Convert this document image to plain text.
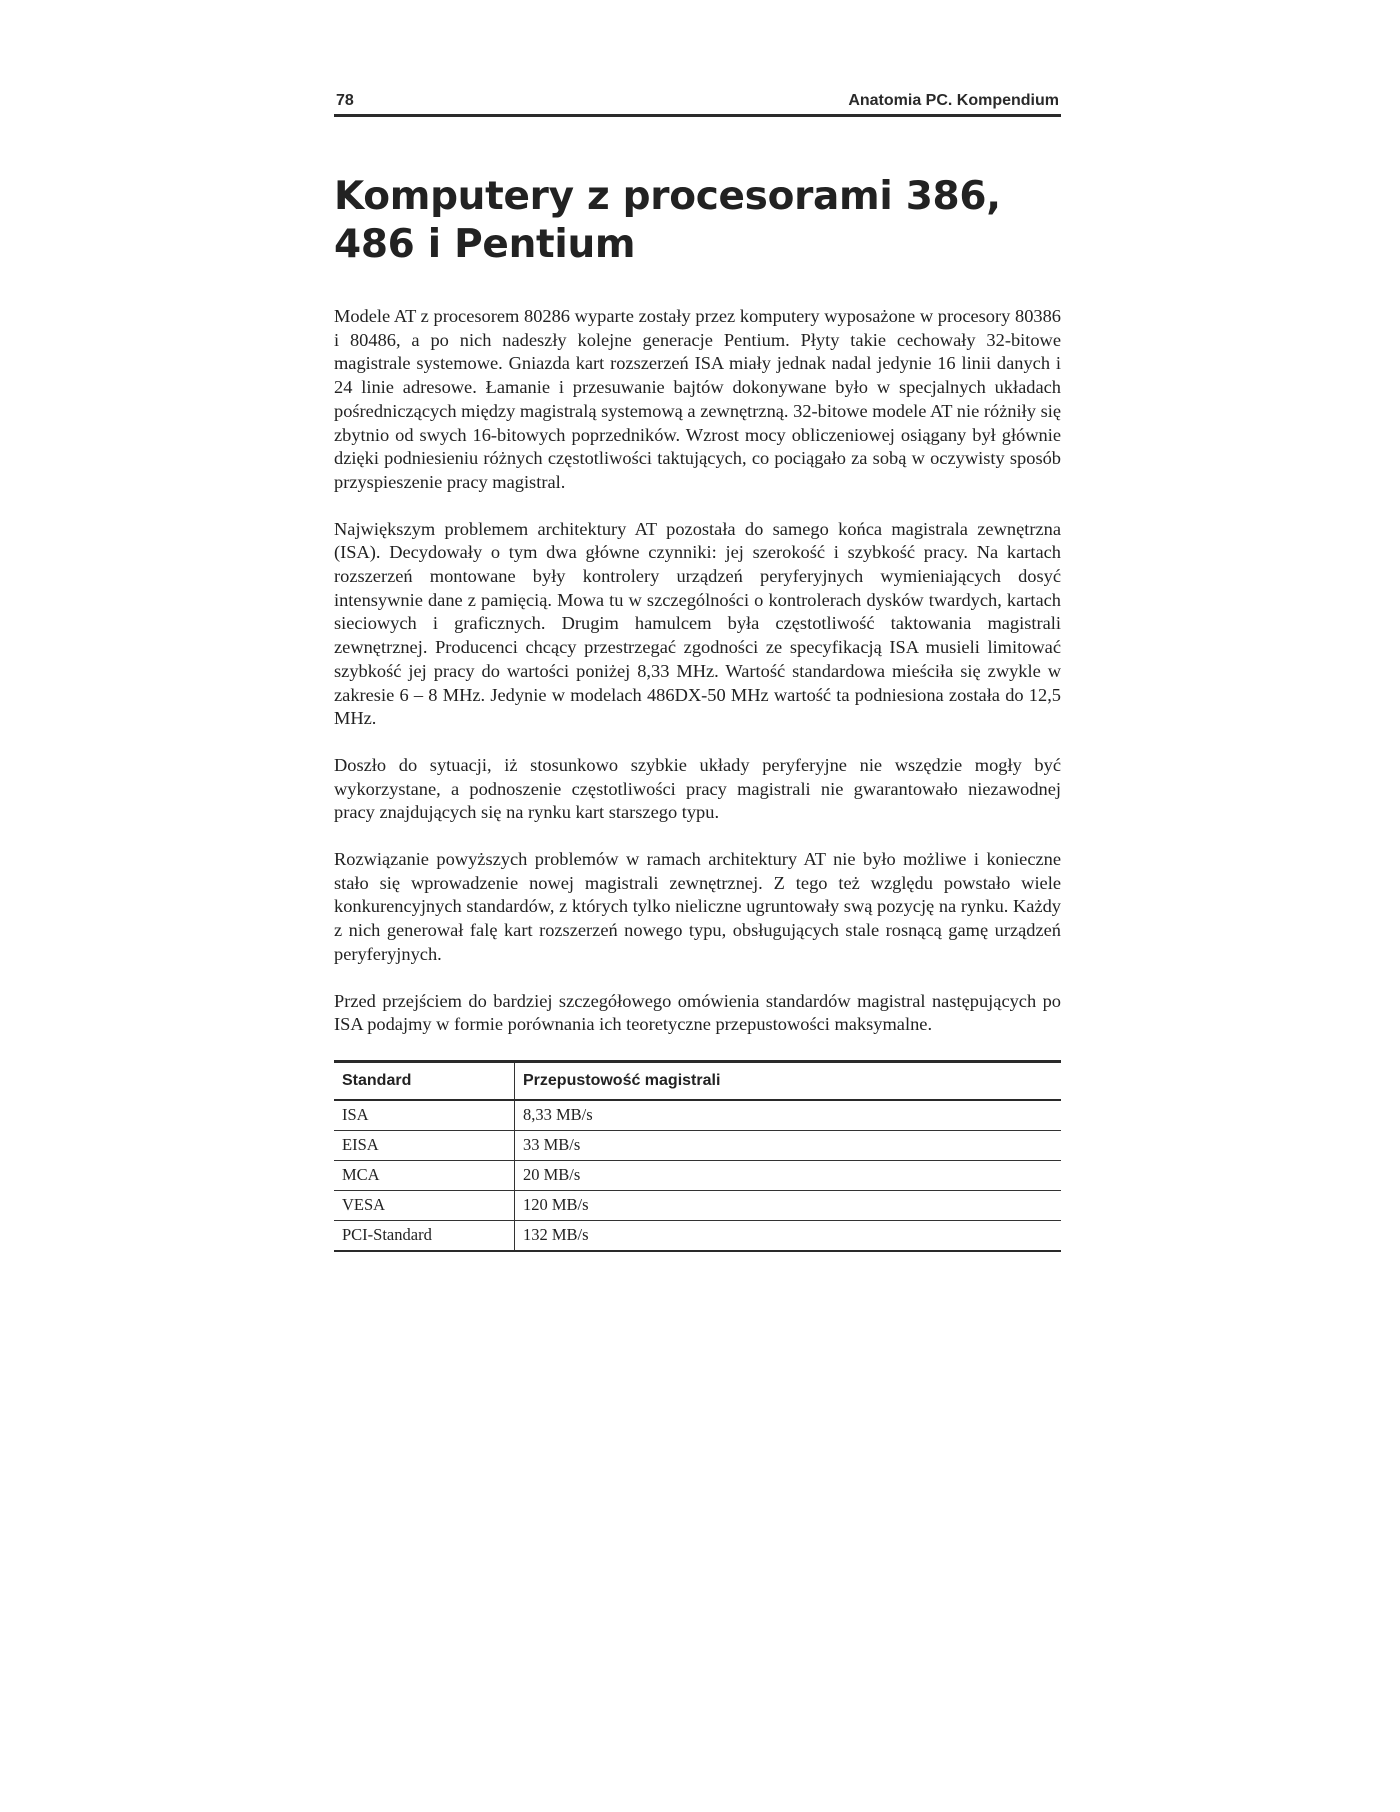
78	Anatomia PC. Kompendium
Komputery z procesorami 386,
486 i Pentium

Modele AT z procesorem 80286 wyparte zostały przez komputery wyposażone w procesory 80386 i 80486, a po nich nadeszły kolejne generacje Pentium. Płyty takie cechowały 32-bitowe magistrale systemowe. Gniazda kart rozszerzeń ISA miały jednak nadal jedynie 16 linii danych i 24 linie adresowe. Łamanie i przesuwanie bajtów dokonywane było w specjalnych układach pośredniczących między magistralą systemową a zewnętrzną. 32-bitowe modele AT nie różniły się zbytnio od swych 16-bitowych poprzedników. Wzrost mocy obliczeniowej osiągany był głównie dzięki podniesieniu różnych częstotliwości taktujących, co pociągało za sobą w oczywisty sposób przyspieszenie pracy magistral.

Największym problemem architektury AT pozostała do samego końca magistrala zewnętrzna (ISA). Decydowały o tym dwa główne czynniki: jej szerokość i szybkość pracy. Na kartach rozszerzeń montowane były kontrolery urządzeń peryferyjnych wymieniających dosyć intensywnie dane z pamięcią. Mowa tu w szczególności o kontrolerach dysków twardych, kartach sieciowych i graficznych. Drugim hamulcem była częstotliwość taktowania magistrali zewnętrznej. Producenci chcący przestrzegać zgodności ze specyfikacją ISA musieli limitować szybkość jej pracy do wartości poniżej 8,33 MHz. Wartość standardowa mieściła się zwykle w zakresie 6 – 8 MHz. Jedynie w modelach 486DX-50 MHz wartość ta podniesiona została do 12,5 MHz.

Doszło do sytuacji, iż stosunkowo szybkie układy peryferyjne nie wszędzie mogły być wykorzystane, a podnoszenie częstotliwości pracy magistrali nie gwarantowało niezawodnej pracy znajdujących się na rynku kart starszego typu.

Rozwiązanie powyższych problemów w ramach architektury AT nie było możliwe i konieczne stało się wprowadzenie nowej magistrali zewnętrznej. Z tego też względu powstało wiele konkurencyjnych standardów, z których tylko nieliczne ugruntowały swą pozycję na rynku. Każdy z nich generował falę kart rozszerzeń nowego typu, obsługujących stale rosnącą gamę urządzeń peryferyjnych.

Przed przejściem do bardziej szczegółowego omówienia standardów magistral następujących po ISA podajmy w formie porównania ich teoretyczne przepustowości maksymalne.

Standard	Przepustowość magistrali
ISA	8,33 MB/s
EISA	33 MB/s
MCA	20 MB/s
VESA	120 MB/s
PCI-Standard	132 MB/s
